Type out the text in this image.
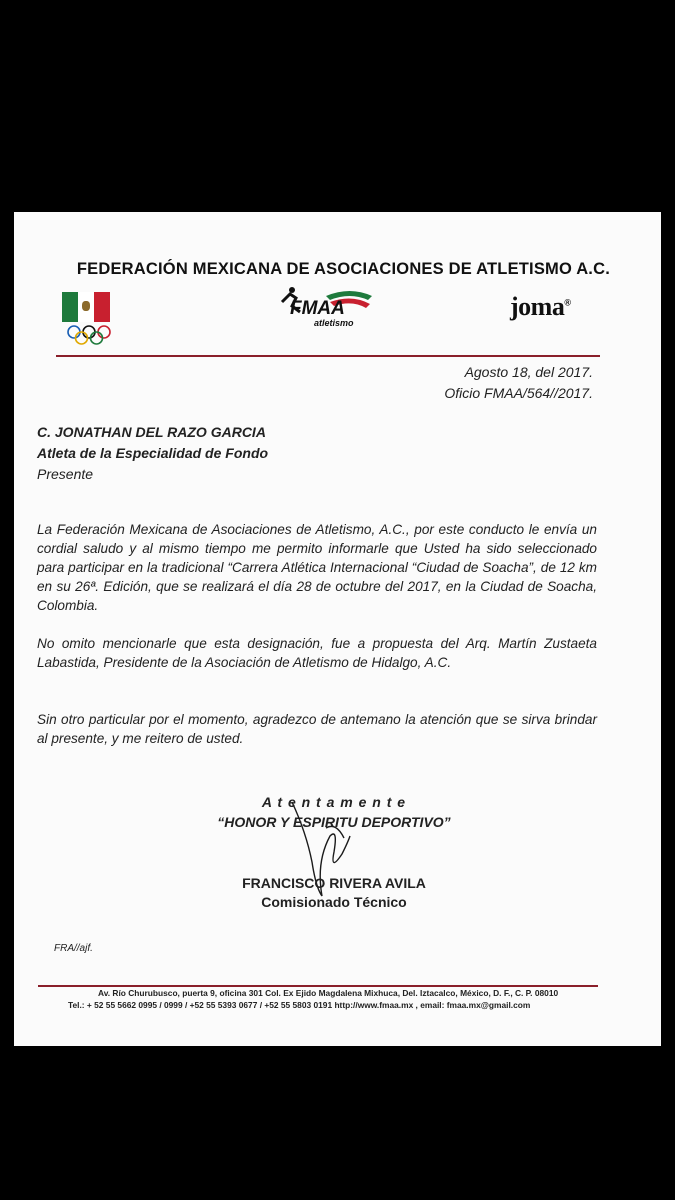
FEDERACIÓN MEXICANA DE ASOCIACIONES DE ATLETISMO A.C.
FMAA
atletismo
joma®
Agosto 18, del 2017.
Oficio FMAA/564//2017.
C. JONATHAN DEL RAZO GARCIA
Atleta de la Especialidad de Fondo
Presente
La Federación Mexicana de Asociaciones de Atletismo, A.C., por este conducto le envía un cordial saludo y al mismo tiempo me permito informarle que Usted ha sido seleccionado para participar en la tradicional “Carrera Atlética Internacional “Ciudad de Soacha”, de 12 km en su 26ª. Edición, que se realizará el día 28 de octubre del 2017, en la Ciudad de Soacha, Colombia.
No omito mencionarle que esta designación, fue a propuesta del Arq. Martín Zustaeta Labastida, Presidente de la Asociación de Atletismo de Hidalgo, A.C.
Sin otro particular por el momento, agradezco de antemano la atención que se sirva brindar al presente, y me reitero de usted.
A t e n t a m e n t e
“HONOR Y ESPIRITU DEPORTIVO”
FRANCISCO RIVERA AVILA
Comisionado Técnico
FRA//ajf.
Av. Río Churubusco, puerta 9, oficina 301 Col. Ex Ejido Magdalena Mixhuca, Del. Iztacalco, México, D. F., C. P. 08010
Tel.: + 52 55 5662 0995 / 0999 / +52 55 5393 0677 / +52 55 5803 0191 http://www.fmaa.mx , email: fmaa.mx@gmail.com
